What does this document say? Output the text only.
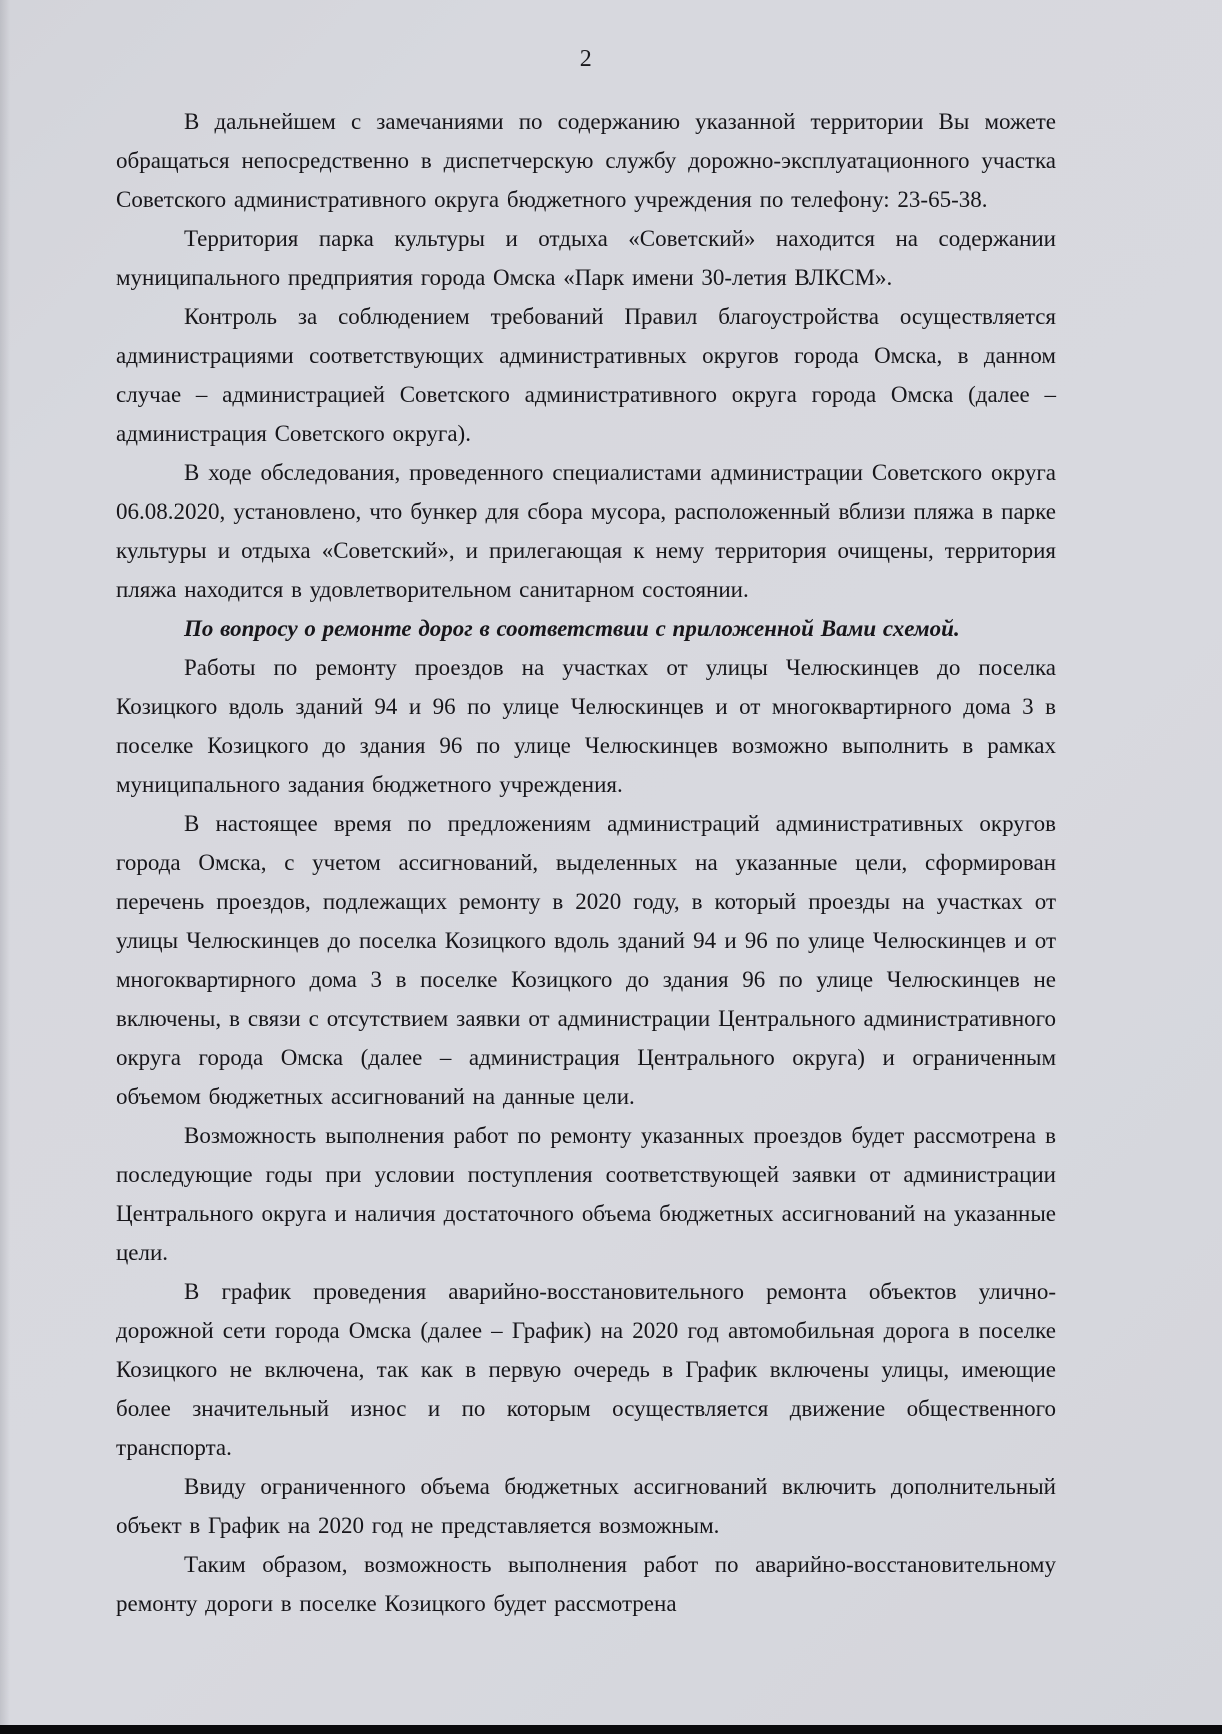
2

В дальнейшем с замечаниями по содержанию указанной территории Вы можете обращаться непосредственно в диспетчерскую службу дорожно-эксплуатационного участка Советского административного округа бюджетного учреждения по телефону: 23-65-38.

Территория парка культуры и отдыха «Советский» находится на содержании муниципального предприятия города Омска «Парк имени 30-летия ВЛКСМ».

Контроль за соблюдением требований Правил благоустройства осуществляется администрациями соответствующих административных округов города Омска, в данном случае – администрацией Советского административного округа города Омска (далее – администрация Советского округа).

В ходе обследования, проведенного специалистами администрации Советского округа 06.08.2020, установлено, что бункер для сбора мусора, расположенный вблизи пляжа в парке культуры и отдыха «Советский», и прилегающая к нему территория очищены, территория пляжа находится в удовлетворительном санитарном состоянии.

По вопросу о ремонте дорог в соответствии с приложенной Вами схемой.

Работы по ремонту проездов на участках от улицы Челюскинцев до поселка Козицкого вдоль зданий 94 и 96 по улице Челюскинцев и от многоквартирного дома 3 в поселке Козицкого до здания 96 по улице Челюскинцев возможно выполнить в рамках муниципального задания бюджетного учреждения.

В настоящее время по предложениям администраций административных округов города Омска, с учетом ассигнований, выделенных на указанные цели, сформирован перечень проездов, подлежащих ремонту в 2020 году, в который проезды на участках от улицы Челюскинцев до поселка Козицкого вдоль зданий 94 и 96 по улице Челюскинцев и от многоквартирного дома 3 в поселке Козицкого до здания 96 по улице Челюскинцев не включены, в связи с отсутствием заявки от администрации Центрального административного округа города Омска (далее – администрация Центрального округа) и ограниченным объемом бюджетных ассигнований на данные цели.

Возможность выполнения работ по ремонту указанных проездов будет рассмотрена в последующие годы при условии поступления соответствующей заявки от администрации Центрального округа и наличия достаточного объема бюджетных ассигнований на указанные цели.

В график проведения аварийно-восстановительного ремонта объектов улично-дорожной сети города Омска (далее – График) на 2020 год автомобильная дорога в поселке Козицкого не включена, так как в первую очередь в График включены улицы, имеющие более значительный износ и по которым осуществляется движение общественного транспорта.

Ввиду ограниченного объема бюджетных ассигнований включить дополнительный объект в График на 2020 год не представляется возможным.

Таким образом, возможность выполнения работ по аварийно-восстановительному ремонту дороги в поселке Козицкого будет рассмотрена
